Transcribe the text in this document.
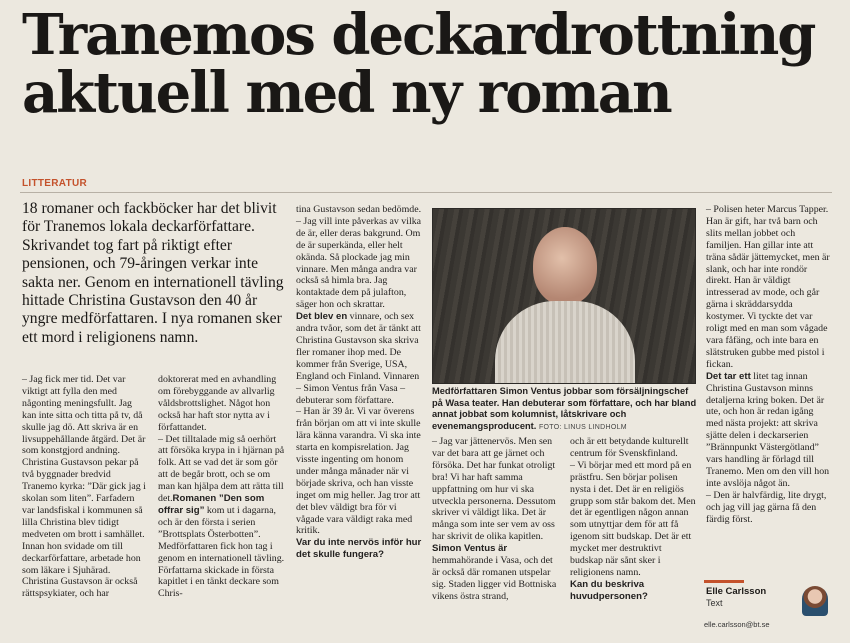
Tranemos deckardrottning aktuell med ny roman
LITTERATUR

18 romaner och fackböcker har det blivit för Tranemos lokala deckarförfattare. Skrivandet tog fart på riktigt efter pensionen, och 79-åringen verkar inte sakta ner. Genom en internationell tävling hittade Christina Gustavson den 40 år yngre medförfattaren. I nya romanen sker ett mord i religionens namn.

– Jag fick mer tid. Det var viktigt att fylla den med någonting meningsfullt. Jag kan inte sitta och titta på tv, då skulle jag dö. Att skriva är en livsuppehållande åtgärd. Det är som konstgjord andning.
Christina Gustavson pekar på två byggnader bredvid Tranemo kyrka: ”Där gick jag i skolan som liten”. Farfadern var landsfiskal i kommunen så lilla Christina blev tidigt medveten om brott i samhället. Innan hon svidade om till deckarförfattare, arbetade hon som läkare i Sjuhärad. Christina Gustavson är också rättspsykiater, och har

doktorerat med en avhandling om förebyggande av allvarlig våldsbrottslighet. Något hon också har haft stor nytta av i författandet.
– Det tilltalade mig så oerhört att försöka krypa in i hjärnan på folk. Att se vad det är som gör att de begår brott, och se om man kan hjälpa dem att rätta till det.Romanen ”Den som offrar sig” kom ut i dagarna, och är den första i serien ”Brottsplats Österbotten”. Medförfattaren fick hon tag i genom en internationell tävling. Författarna skickade in första kapitlet i en tänkt deckare som Chris-
tina Gustavson sedan bedömde.
– Jag vill inte påverkas av vilka de är, eller deras bakgrund. Om de är superkända, eller helt okända. Så plockade jag min vinnare. Men många andra var också så himla bra. Jag kontaktade dem på julafton, säger hon och skrattar.
Det blev en vinnare, och sex andra tvåor, som det är tänkt att Christina Gustavson ska skriva fler romaner ihop med. De kommer från Sverige, USA, England och Finland. Vinnaren – Simon Ventus från Vasa – debuterar som författare.
– Han är 39 år. Vi var överens från början om att vi inte skulle lära känna varandra. Vi ska inte starta en kompisrelation. Jag visste ingenting om honom under många månader när vi började skriva, och han visste inget om mig heller. Jag tror att det blev väldigt bra för vi vågade vara väldigt raka med kritik.
Var du inte nervös inför hur det skulle fungera?

Medförfattaren Simon Ventus jobbar som försäljningschef på Wasa teater. Han debuterar som författare, och har bland annat jobbat som kolumnist, låtskrivare och evenemangsproducent. FOTO: LINUS LINDHOLM

– Jag var jättenervös. Men sen var det bara att ge järnet och försöka. Det har funkat otroligt bra! Vi har haft samma uppfattning om hur vi ska utveckla personerna. Dessutom skriver vi väldigt lika. Det är många som inte ser vem av oss har skrivit de olika kapitlen.
Simon Ventus är hemmahörande i Vasa, och det är också där romanen utspelar sig. Staden ligger vid Bottniska vikens östra strand,
och är ett betydande kulturellt centrum för Svenskfinland.
– Vi börjar med ett mord på en prästfru. Sen börjar polisen nysta i det. Det är en religiös grupp som står bakom det. Men det är egentligen någon annan som utnyttjar dem för att få igenom sitt budskap. Det är ett mycket mer destruktivt budskap när sånt sker i religionens namn.
Kan du beskriva huvudpersonen?
– Polisen heter Marcus Tapper. Han är gift, har två barn och slits mellan jobbet och familjen. Han gillar inte att träna sådär jättemycket, men är slank, och har inte rondör direkt. Han är väldigt intresserad av mode, och går gärna i skräddarsydda kostymer. Vi tyckte det var roligt med en man som vågade vara fåfäng, och inte bara en slätstruken gubbe med pistol i fickan.
Det tar ett litet tag innan Christina Gustavson minns detaljerna kring boken. Det är ute, och hon är redan igång med nästa projekt: att skriva sjätte delen i deckarserien ”Brännpunkt Västergötland” vars handling är förlagd till Tranemo. Men om den vill hon inte avslöja något än.
– Den är halvfärdig, lite drygt, och jag vill jag gärna få den färdig först.
Elle Carlsson
Text
elle.carlsson@bt.se
